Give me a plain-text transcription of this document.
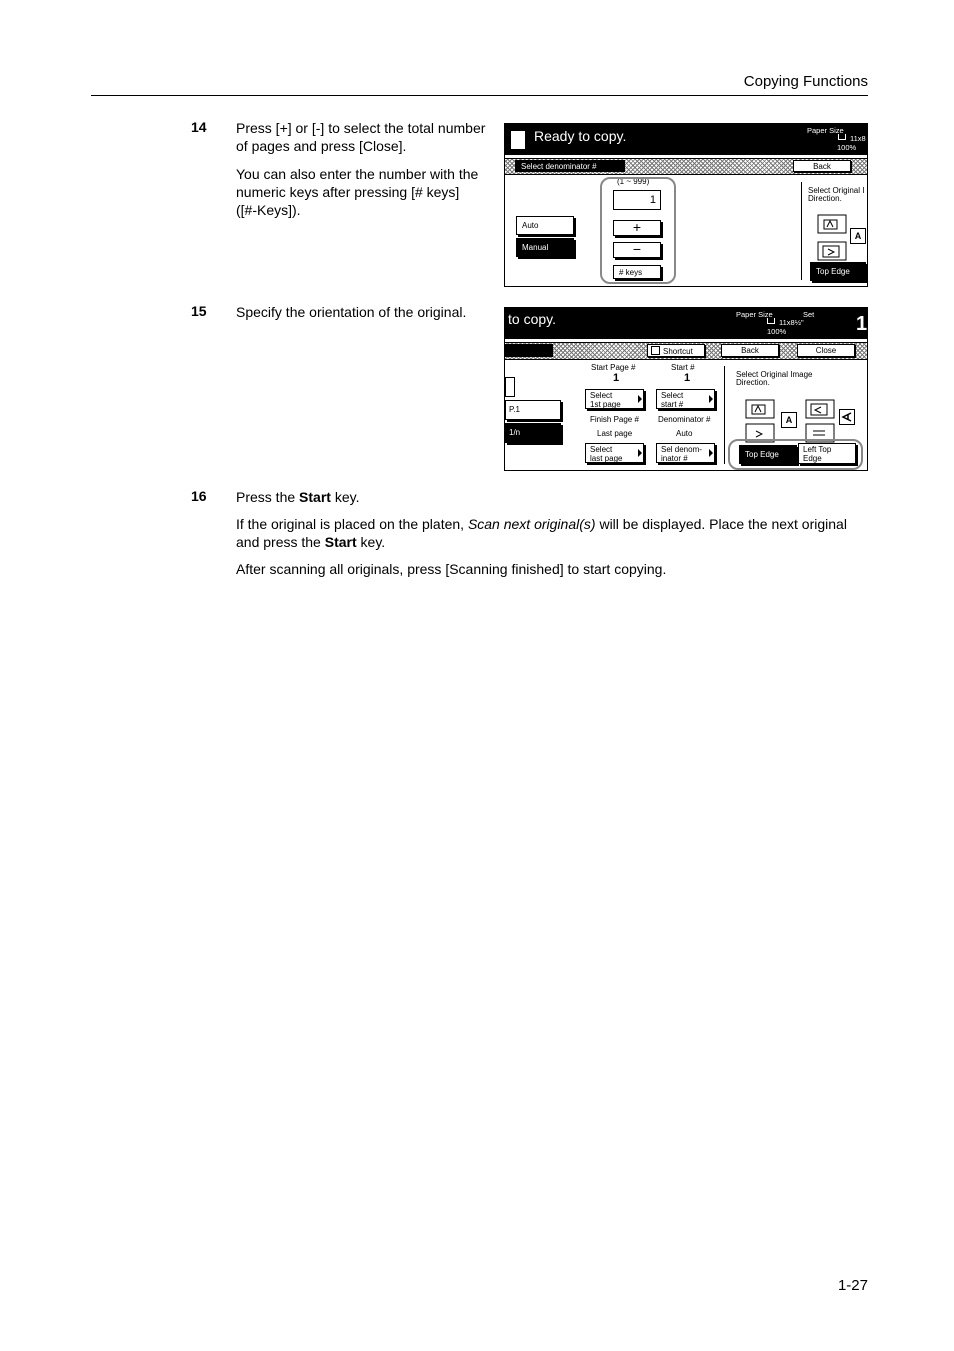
Copying Functions
14 Press [+] or [-] to select the total number
of pages and press [Close].
You can also enter the number with the
numeric keys after pressing [# keys]
([#-Keys]).
15 Specify the orientation of the original.
16 Press the Start key.
If the original is placed on the platen, Scan next original(s) will be displayed. Place the next original
and press the Start key.
After scanning all originals, press [Scanning finished] to start copying.
Ready to copy.	Paper Size
11x8
100%
Select denominator #	Back
(1 ~ 999)
1
+
−
# keys
Auto
Manual
Select Original I
Direction.
A
Top Edge
to copy.	Paper Size	Set
11x8½"
100%	1
Shortcut	Back	Close
P.1
1/n
Start Page #	Start #
1	1
Select
1st page
Select
start #
Finish Page # Denominator #
Last page	Auto
Select
last page
Sel denom-
inator #
Select Original Image
Direction.
A
Top Edge
Left Top
Edge
1-27
